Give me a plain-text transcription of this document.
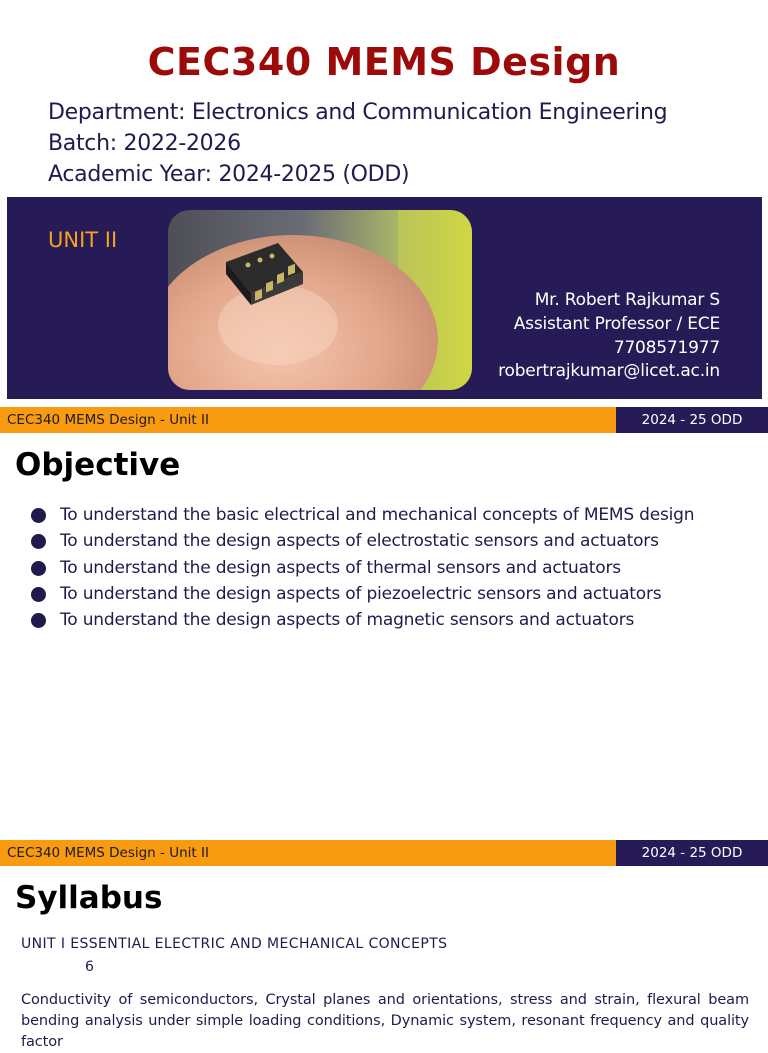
CEC340 MEMS Design
Department: Electronics and Communication Engineering
Batch: 2022-2026
Academic Year: 2024-2025 (ODD)
UNIT II
Mr. Robert Rajkumar S
Assistant Professor / ECE
7708571977
robertrajkumar@licet.ac.in
CEC340 MEMS Design - Unit II	2024 - 25 ODD
Objective
To understand the basic electrical and mechanical concepts of MEMS design
To understand the design aspects of electrostatic sensors and actuators
To understand the design aspects of thermal sensors and actuators
To understand the design aspects of piezoelectric sensors and actuators
To understand the design aspects of magnetic sensors and actuators
CEC340 MEMS Design - Unit II	2024 - 25 ODD
Syllabus
UNIT I ESSENTIAL ELECTRIC AND MECHANICAL CONCEPTS
6
Conductivity of semiconductors, Crystal planes and orientations, stress and strain, flexural beam bending analysis under simple loading conditions, Dynamic system, resonant frequency and quality factor
